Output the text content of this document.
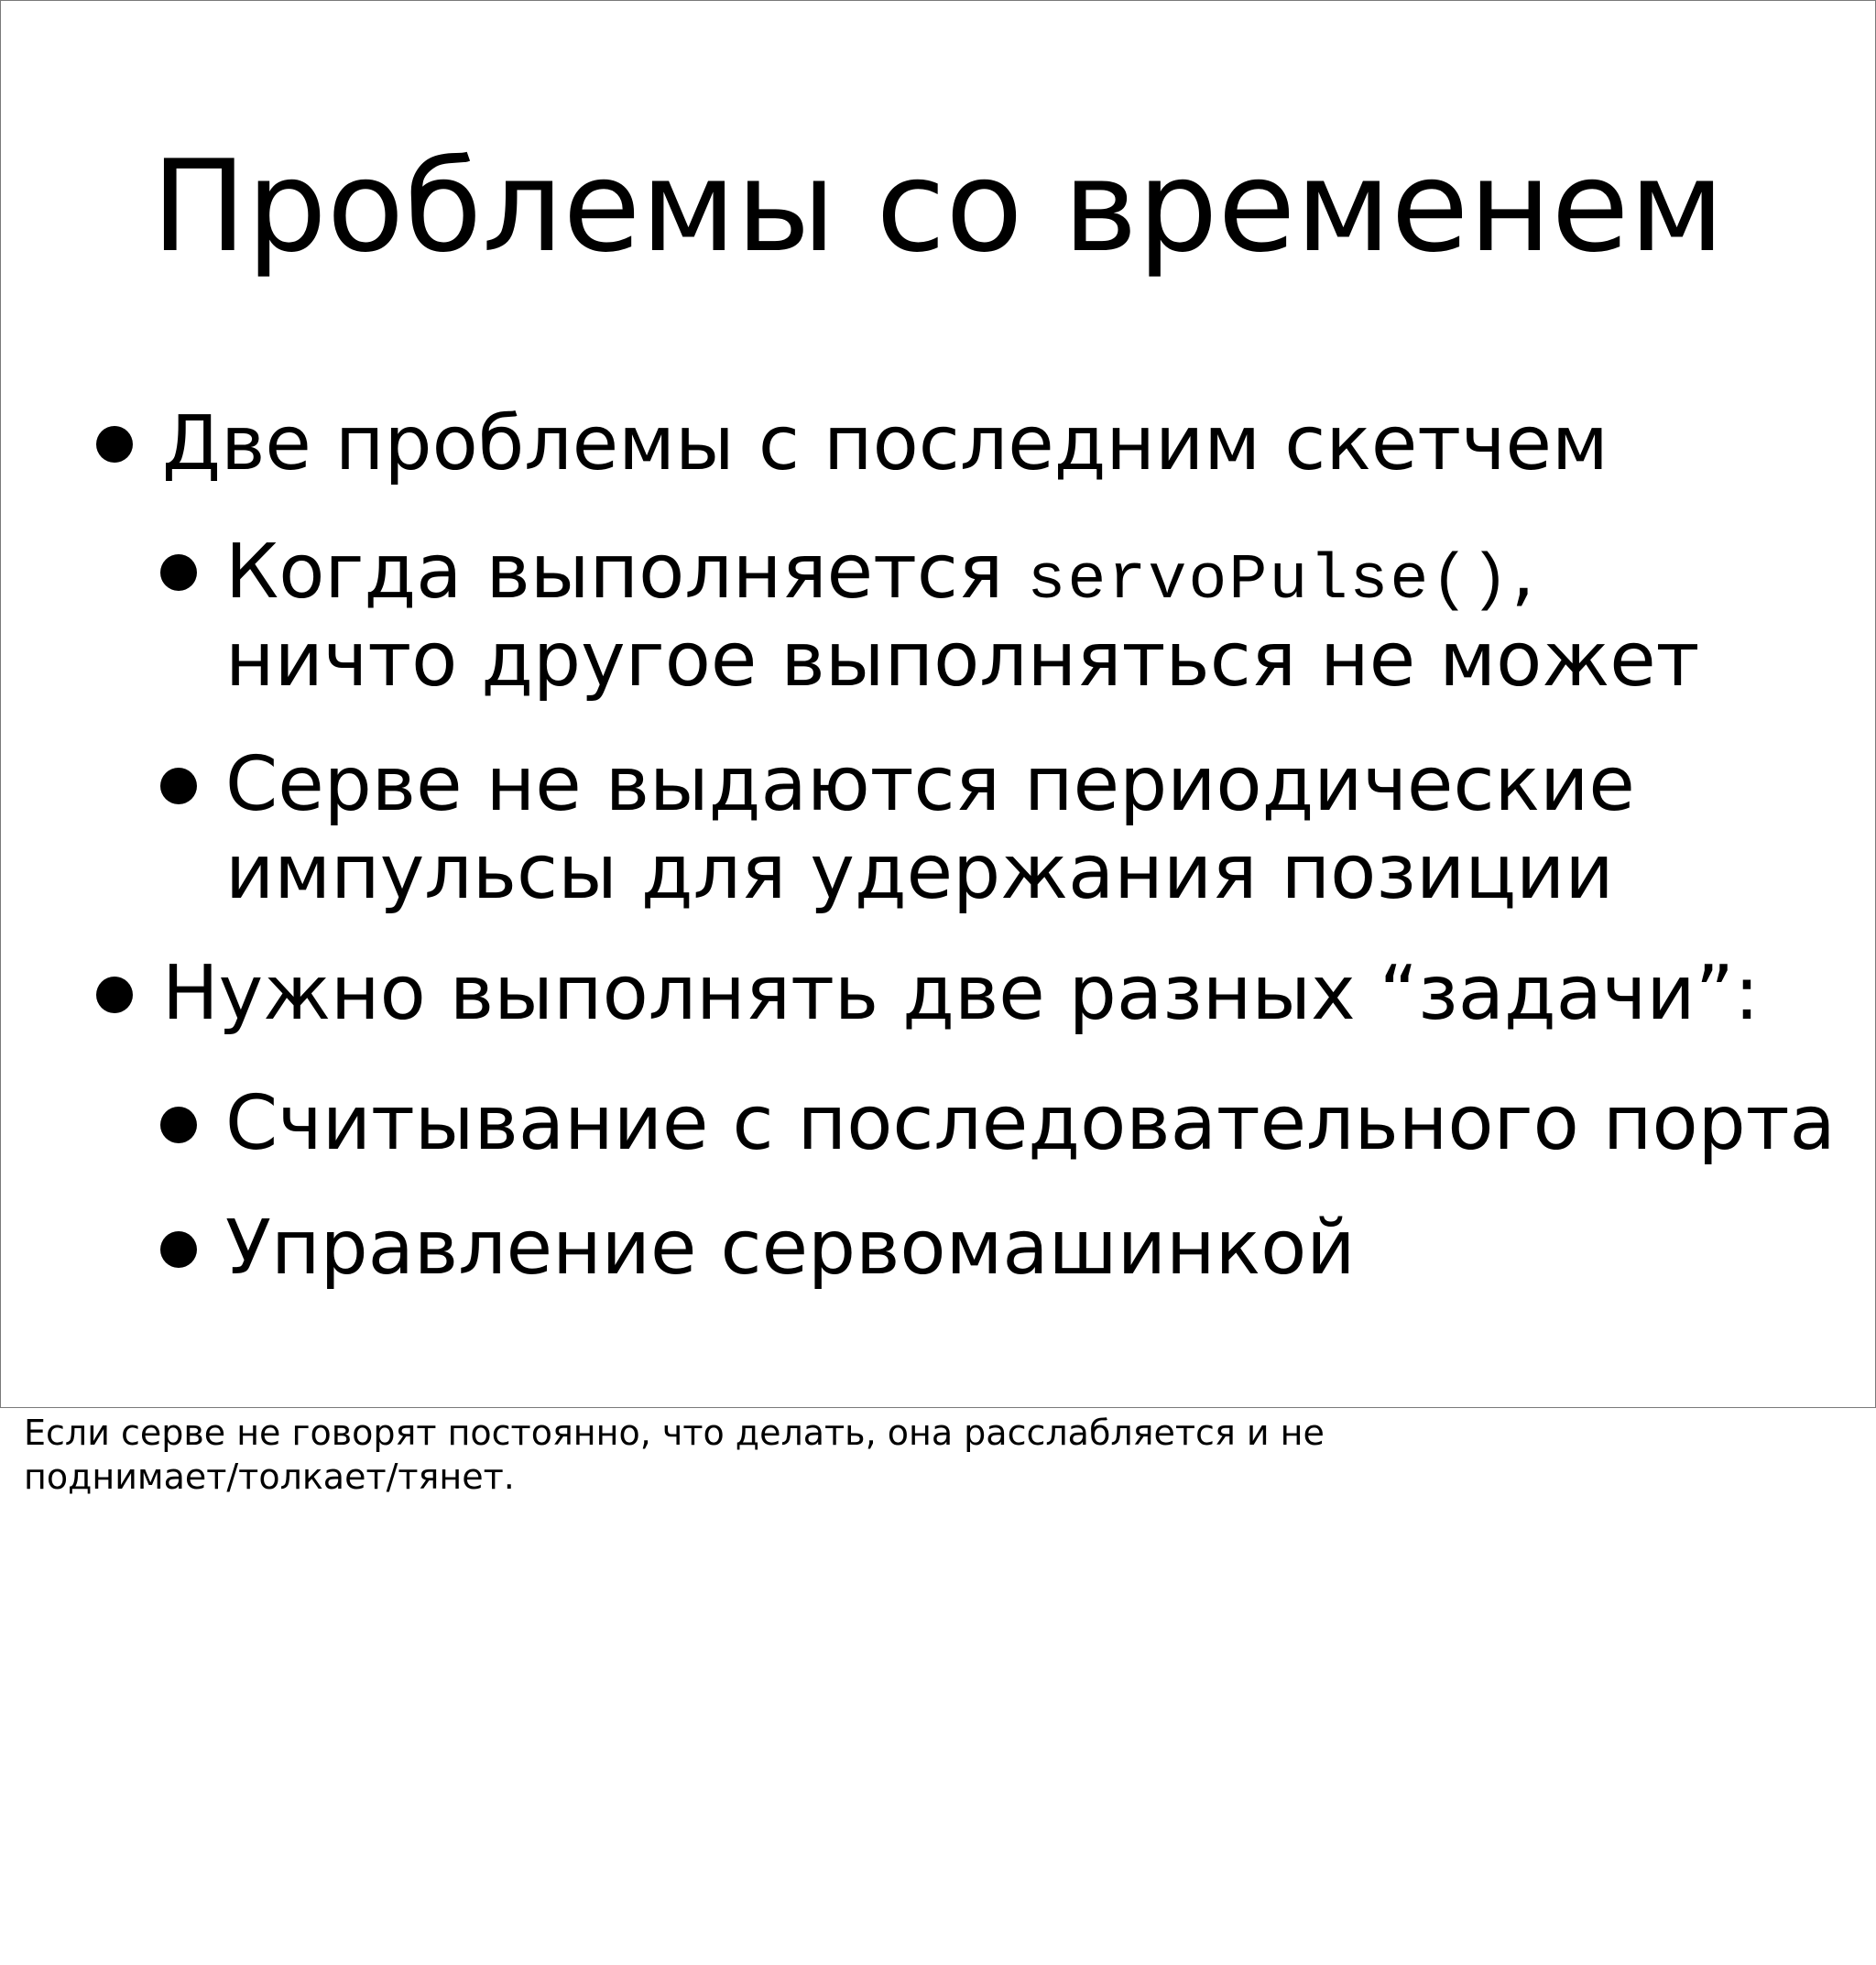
Проблемы со временем
Две проблемы с последним скетчем
Когда выполняется servoPulse(),
ничто другое выполняться не может
Серве не выдаются периодические
импульсы для удержания позиции
Нужно выполнять две разных “задачи”:
Считывание с последовательного порта
Управление сервомашинкой

Если серве не говорят постоянно, что делать, она расслабляется и не поднимает/толкает/тянет.
